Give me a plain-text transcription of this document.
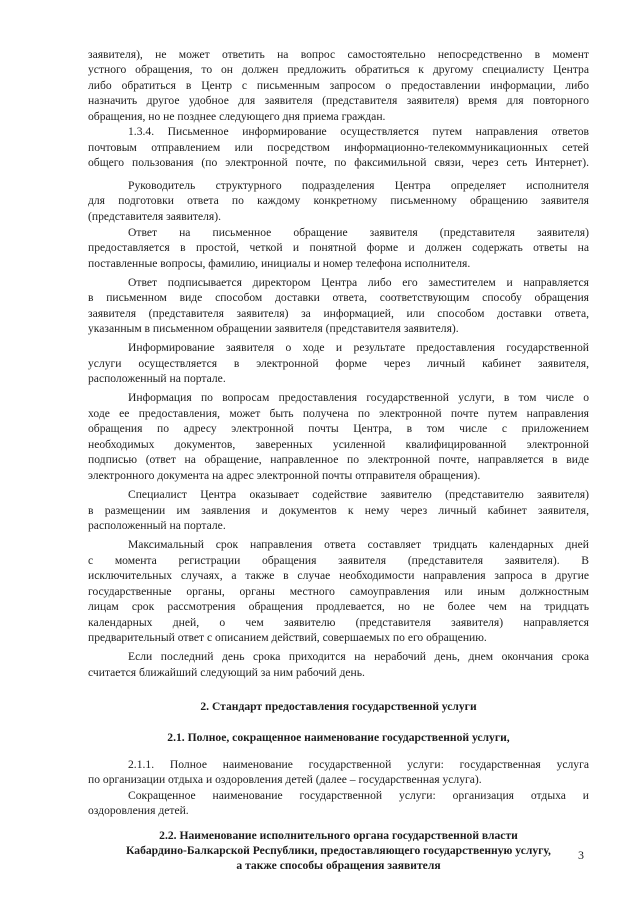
заявителя), не может ответить на вопрос самостоятельно непосредственно в момент
устного обращения, то он должен предложить обратиться к другому специалисту Центра
либо обратиться в Центр с письменным запросом о предоставлении информации, либо
назначить другое удобное для заявителя (представителя заявителя) время для повторного
обращения, но не позднее следующего дня приема граждан.
1.3.4. Письменное информирование осуществляется путем направления ответов
почтовым отправлением или посредством информационно-телекоммуникационных сетей
общего пользования (по электронной почте, по факсимильной связи, через сеть Интернет).
Руководитель структурного подразделения Центра определяет исполнителя
для подготовки ответа по каждому конкретному письменному обращению заявителя
(представителя заявителя).
Ответ на письменное обращение заявителя (представителя заявителя)
предоставляется в простой, четкой и понятной форме и должен содержать ответы на
поставленные вопросы, фамилию, инициалы и номер телефона исполнителя.
Ответ подписывается директором Центра либо его заместителем и направляется
в письменном виде способом доставки ответа, соответствующим способу обращения
заявителя (представителя заявителя) за информацией, или способом доставки ответа,
указанным в письменном обращении заявителя (представителя заявителя).
Информирование заявителя о ходе и результате предоставления государственной
услуги осуществляется в электронной форме через личный кабинет заявителя,
расположенный на портале.
Информация по вопросам предоставления государственной услуги, в том числе о
ходе ее предоставления, может быть получена по электронной почте путем направления
обращения по адресу электронной почты Центра, в том числе с приложением
необходимых документов, заверенных усиленной квалифицированной электронной
подписью (ответ на обращение, направленное по электронной почте, направляется в виде
электронного документа на адрес электронной почты отправителя обращения).
Специалист Центра оказывает содействие заявителю (представителю заявителя)
в размещении им заявления и документов к нему через личный кабинет заявителя,
расположенный на портале.
Максимальный срок направления ответа составляет тридцать календарных дней
с момента регистрации обращения заявителя (представителя заявителя). В
исключительных случаях, а также в случае необходимости направления запроса в другие
государственные органы, органы местного самоуправления или иным должностным
лицам срок рассмотрения обращения продлевается, но не более чем на тридцать
календарных дней, о чем заявителю (представителя заявителя) направляется
предварительный ответ с описанием действий, совершаемых по его обращению.
Если последний день срока приходится на нерабочий день, днем окончания срока
считается ближайший следующий за ним рабочий день.
2. Стандарт предоставления государственной услуги
2.1. Полное, сокращенное наименование государственной услуги,
2.1.1. Полное наименование государственной услуги: государственная услуга
по организации отдыха и оздоровления детей (далее – государственная услуга).
Сокращенное наименование государственной услуги: организация отдыха и
оздоровления детей.
2.2. Наименование исполнительного органа государственной власти
Кабардино-Балкарской Республики, предоставляющего государственную услугу,
а также способы обращения заявителя
3
